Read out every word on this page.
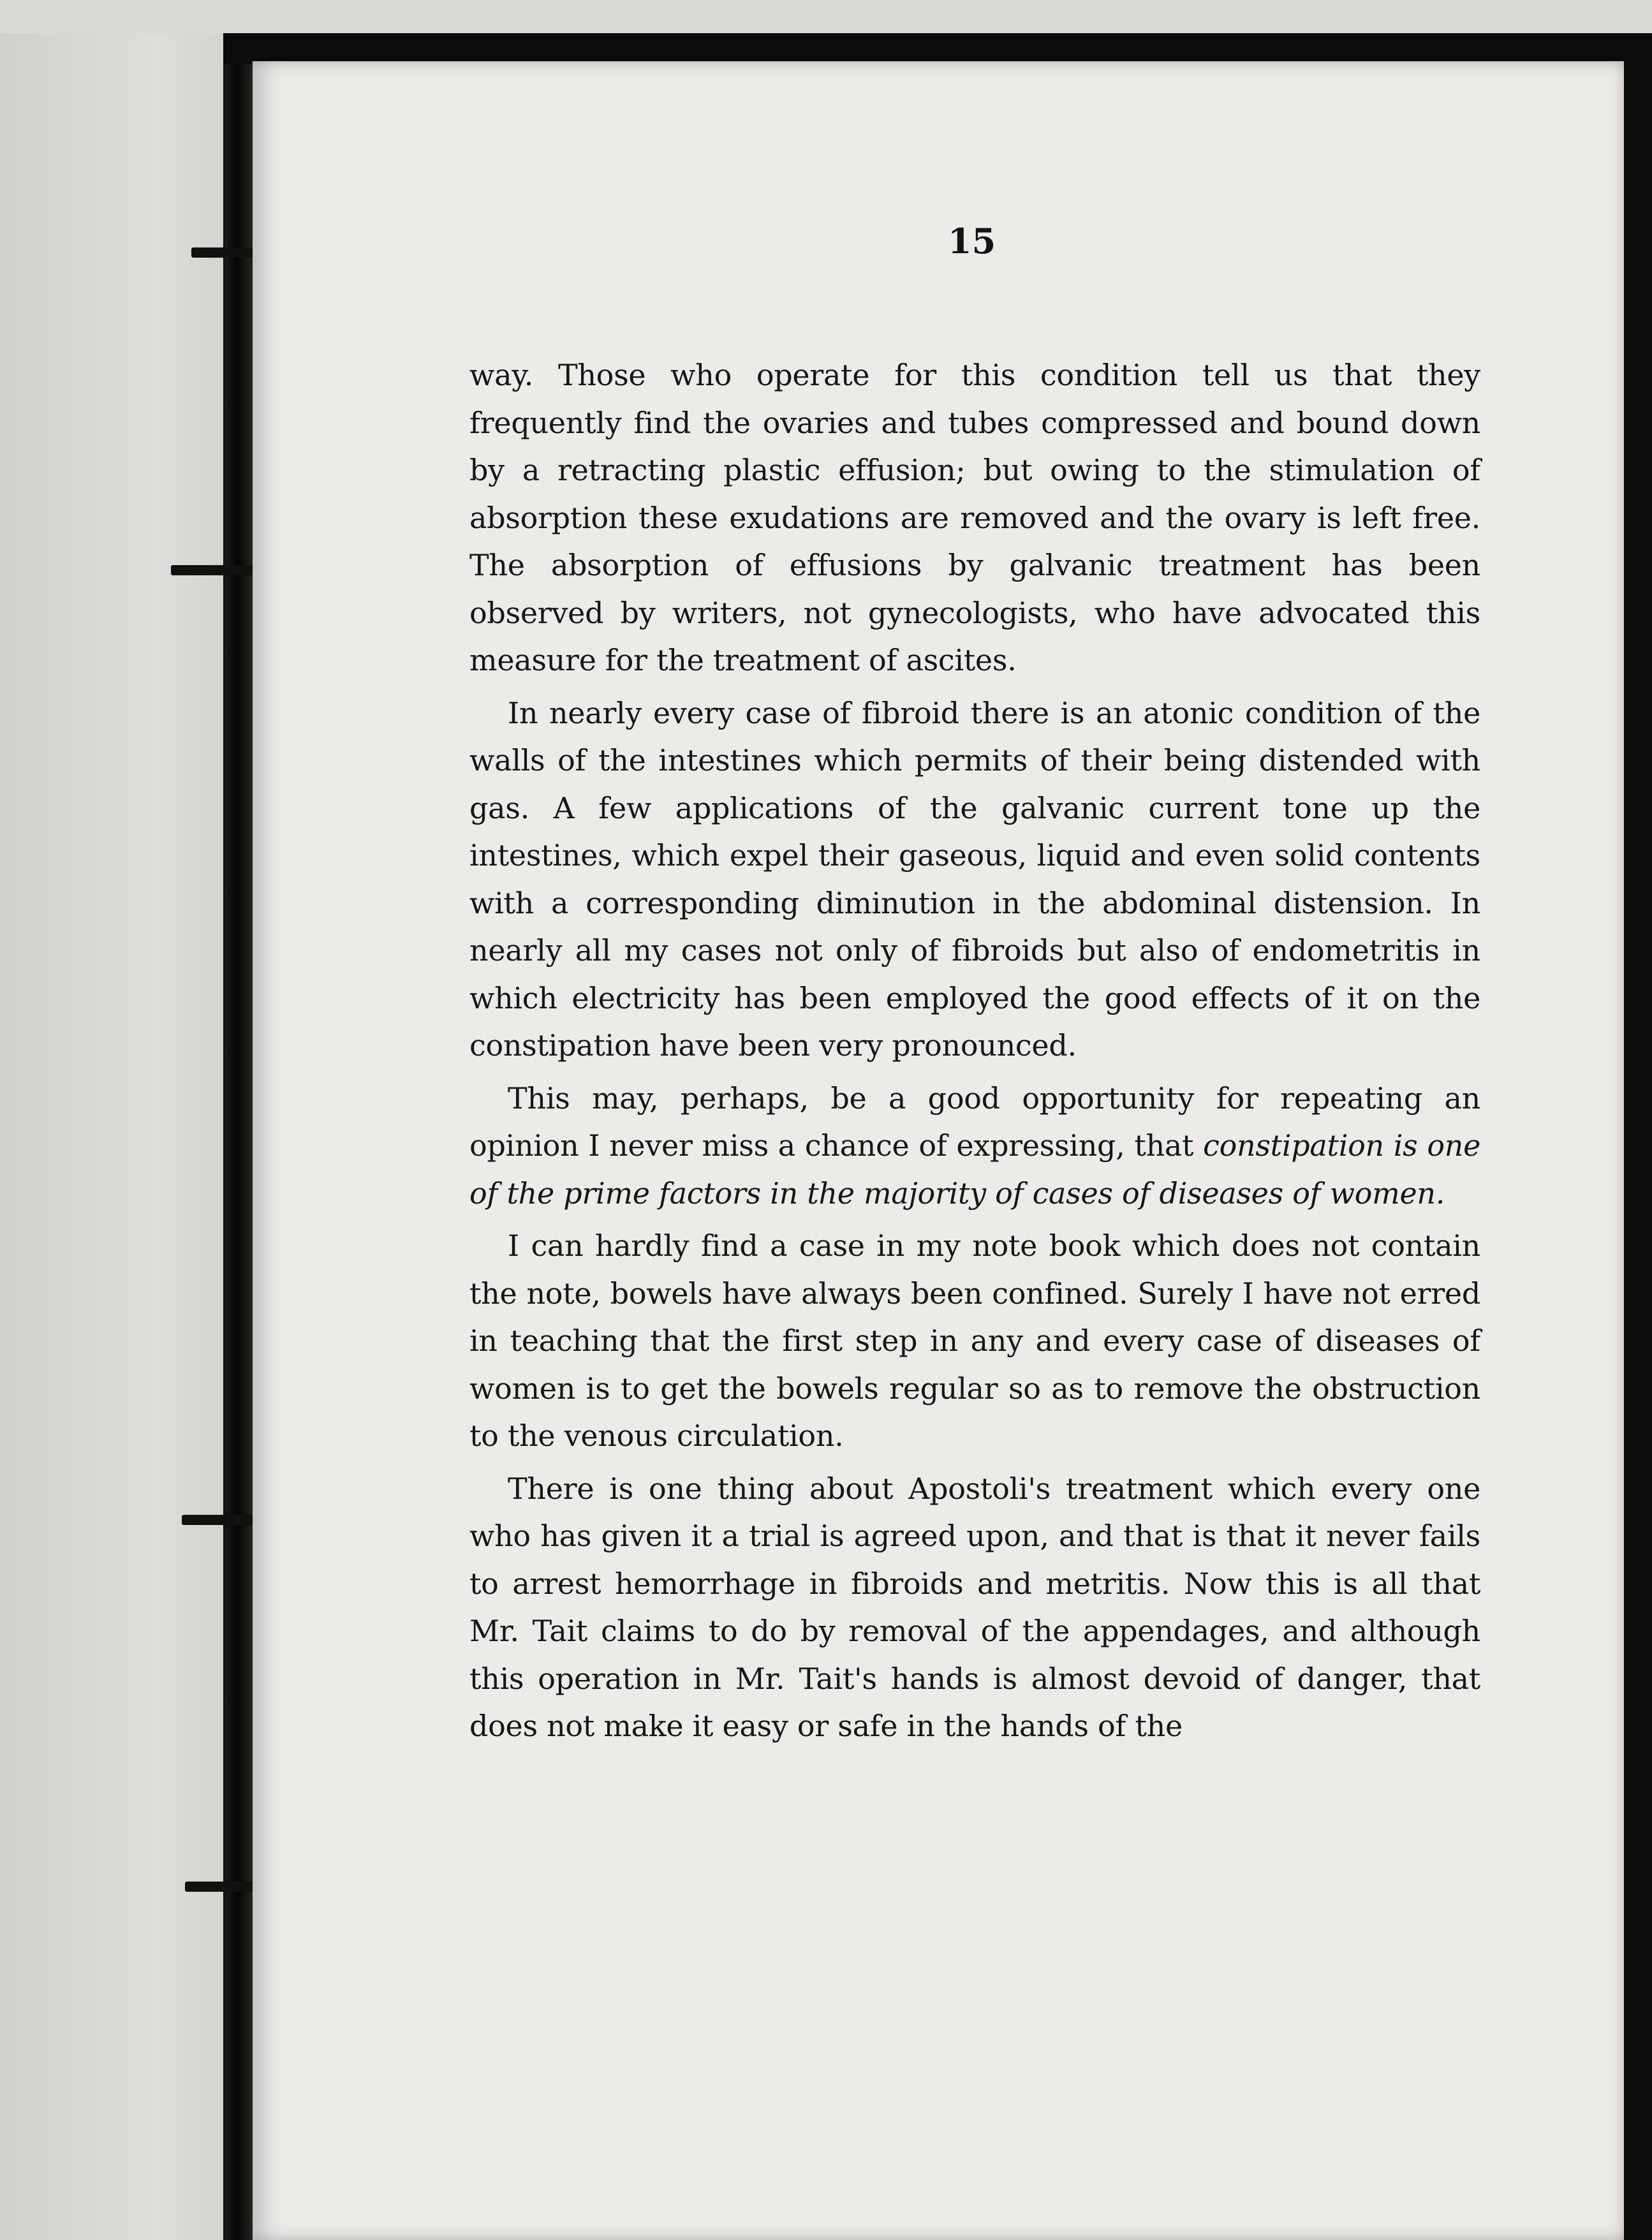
15

way. Those who operate for this condition tell us that they frequently find the ovaries and tubes compressed and bound down by a retracting plastic effusion; but owing to the stimulation of absorption these exudations are removed and the ovary is left free. The absorption of effusions by galvanic treatment has been observed by writers, not gynecologists, who have advocated this measure for the treatment of ascites.

In nearly every case of fibroid there is an atonic condition of the walls of the intestines which permits of their being distended with gas. A few applications of the galvanic current tone up the intestines, which expel their gaseous, liquid and even solid contents with a corresponding diminution in the abdominal distension. In nearly all my cases not only of fibroids but also of endometritis in which electricity has been employed the good effects of it on the constipation have been very pronounced.

This may, perhaps, be a good opportunity for repeating an opinion I never miss a chance of expressing, that constipation is one of the prime factors in the majority of cases of diseases of women.

I can hardly find a case in my note book which does not contain the note, bowels have always been confined. Surely I have not erred in teaching that the first step in any and every case of diseases of women is to get the bowels regular so as to remove the obstruction to the venous circulation.

There is one thing about Apostoli's treatment which every one who has given it a trial is agreed upon, and that is that it never fails to arrest hemorrhage in fibroids and metritis. Now this is all that Mr. Tait claims to do by removal of the appendages, and although this operation in Mr. Tait's hands is almost devoid of danger, that does not make it easy or safe in the hands of the
